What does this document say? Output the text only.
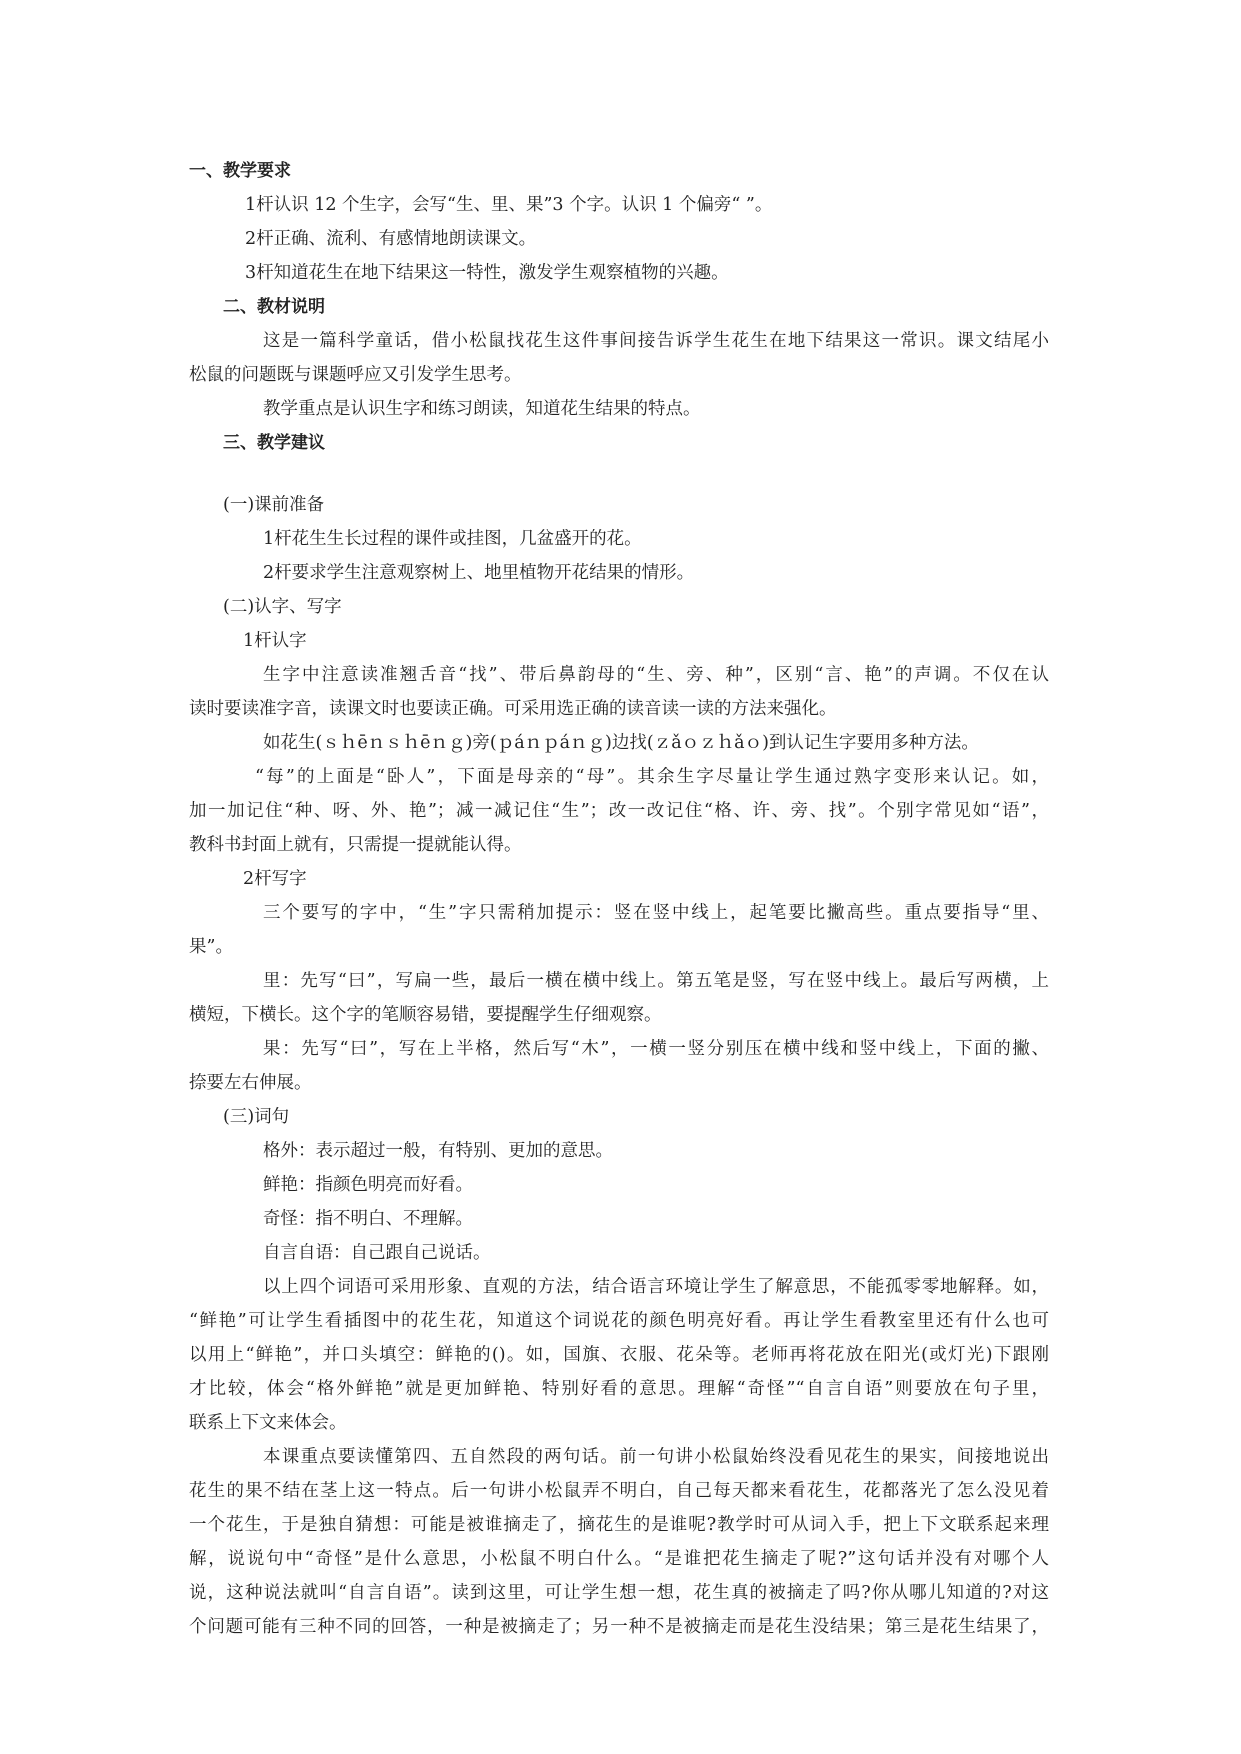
一、教学要求
1杆认识 12 个生字，会写“生、里、果”3 个字。认识 1 个偏旁“ ”。
2杆正确、流利、有感情地朗读课文。
3杆知道花生在地下结果这一特性，激发学生观察植物的兴趣。
二、教材说明
这是一篇科学童话，借小松鼠找花生这件事间接告诉学生花生在地下结果这一常识。课文结尾小
松鼠的问题既与课题呼应又引发学生思考。
教学重点是认识生字和练习朗读，知道花生结果的特点。
三、教学建议
(一)课前准备
1杆花生生长过程的课件或挂图，几盆盛开的花。
2杆要求学生注意观察树上、地里植物开花结果的情形。
(二)认字、写字
1杆认字
生字中注意读准翘舌音“找”、带后鼻韵母的“生、旁、种”，区别“言、艳”的声调。不仅在认
读时要读准字音，读课文时也要读正确。可采用选正确的读音读一读的方法来强化。
如花生(ｓｈēｎｓｈēｎｇ)旁(ｐáｎｐáｎｇ)边找(ｚǎｏｚｈǎｏ)到认记生字要用多种方法。
“每”的上面是“卧人”，下面是母亲的“母”。其余生字尽量让学生通过熟字变形来认记。如，
加一加记住“种、呀、外、艳”；减一减记住“生”；改一改记住“格、许、旁、找”。个别字常见如“语”，
教科书封面上就有，只需提一提就能认得。
2杆写字
三个要写的字中，“生”字只需稍加提示：竖在竖中线上，起笔要比撇高些。重点要指导“里、
果”。
里：先写“曰”，写扁一些，最后一横在横中线上。第五笔是竖，写在竖中线上。最后写两横，上
横短，下横长。这个字的笔顺容易错，要提醒学生仔细观察。
果：先写“曰”，写在上半格，然后写“木”，一横一竖分别压在横中线和竖中线上，下面的撇、
捺要左右伸展。
(三)词句
格外：表示超过一般，有特别、更加的意思。
鲜艳：指颜色明亮而好看。
奇怪：指不明白、不理解。
自言自语：自己跟自己说话。
以上四个词语可采用形象、直观的方法，结合语言环境让学生了解意思，不能孤零零地解释。如，
“鲜艳”可让学生看插图中的花生花，知道这个词说花的颜色明亮好看。再让学生看教室里还有什么也可
以用上“鲜艳”，并口头填空：鲜艳的()。如，国旗、衣服、花朵等。老师再将花放在阳光(或灯光)下跟刚
才比较，体会“格外鲜艳”就是更加鲜艳、特别好看的意思。理解“奇怪”“自言自语”则要放在句子里，
联系上下文来体会。
本课重点要读懂第四、五自然段的两句话。前一句讲小松鼠始终没看见花生的果实，间接地说出
花生的果不结在茎上这一特点。后一句讲小松鼠弄不明白，自己每天都来看花生，花都落光了怎么没见着
一个花生，于是独自猜想：可能是被谁摘走了，摘花生的是谁呢?教学时可从词入手，把上下文联系起来理
解，说说句中“奇怪”是什么意思，小松鼠不明白什么。“是谁把花生摘走了呢?”这句话并没有对哪个人
说，这种说法就叫“自言自语”。读到这里，可让学生想一想，花生真的被摘走了吗?你从哪儿知道的?对这
个问题可能有三种不同的回答，一种是被摘走了；另一种不是被摘走而是花生没结果；第三是花生结果了，
